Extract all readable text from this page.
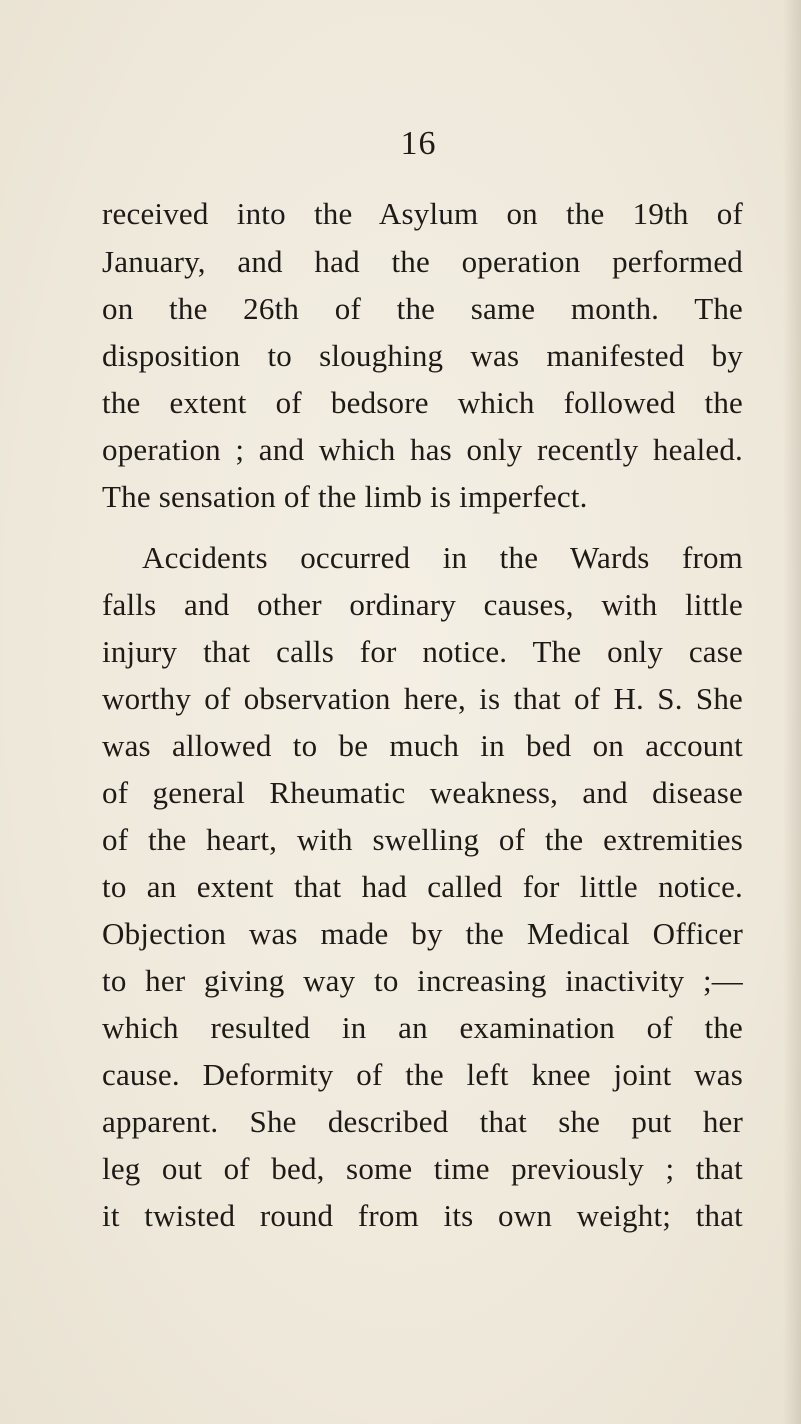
16
received into the Asylum on the 19th of
January, and had the operation performed
on the 26th of the same month. The
disposition to sloughing was manifested by
the extent of bedsore which followed the
operation ; and which has only recently healed.
The sensation of the limb is imperfect.
Accidents occurred in the Wards from
falls and other ordinary causes, with little
injury that calls for notice. The only case
worthy of observation here, is that of H. S. She
was allowed to be much in bed on account
of general Rheumatic weakness, and disease
of the heart, with swelling of the extremities
to an extent that had called for little notice.
Objection was made by the Medical Officer
to her giving way to increasing inactivity ;—
which resulted in an examination of the
cause. Deformity of the left knee joint was
apparent. She described that she put her
leg out of bed, some time previously ; that
it twisted round from its own weight; that
